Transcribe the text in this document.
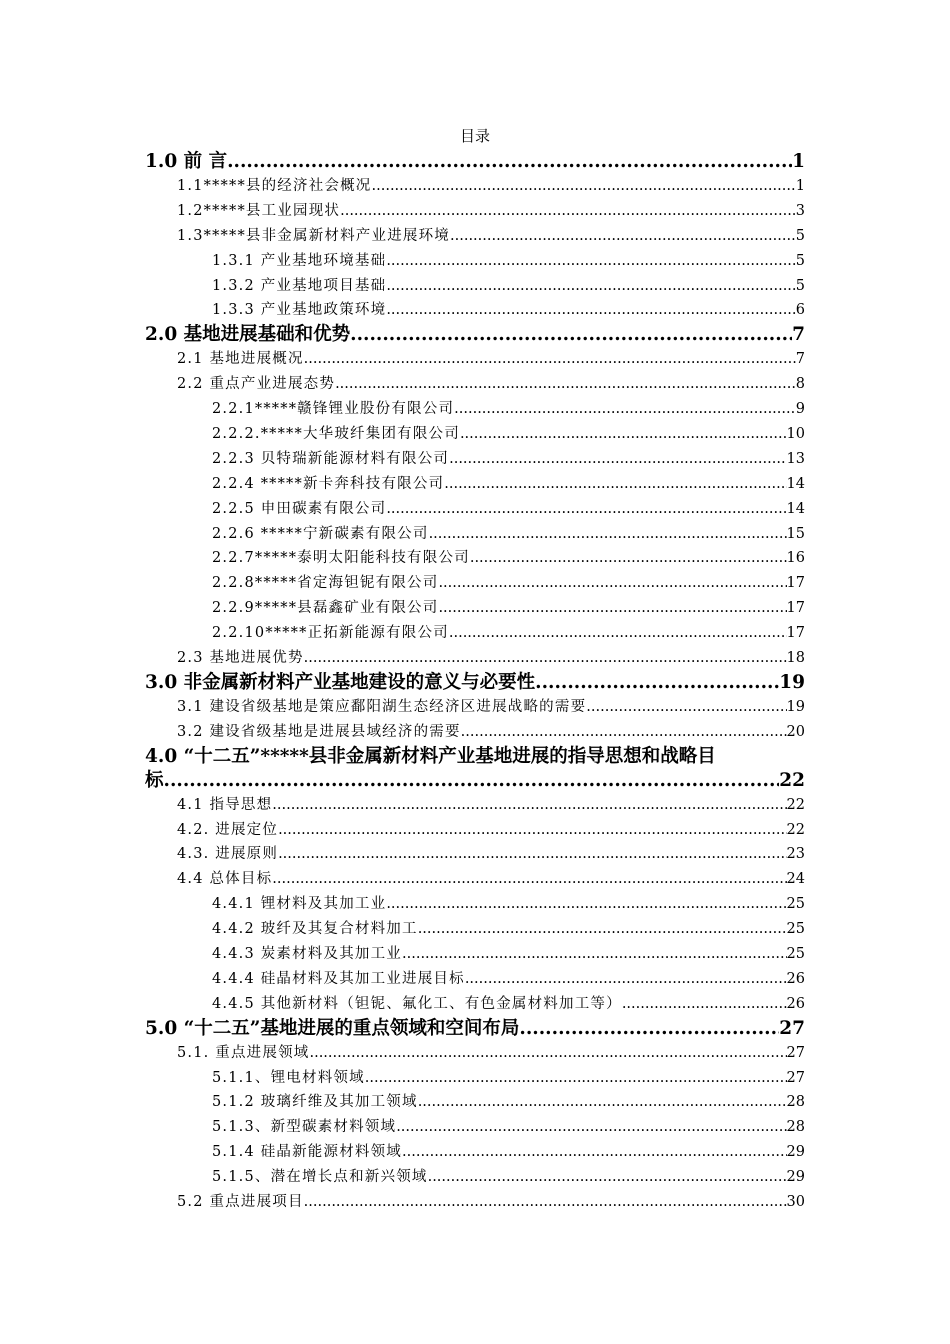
目录
1.0 前 言 .....	1
1.1*****县的经济社会概况 .....	1
1.2*****县工业园现状 .....	3
1.3*****县非金属新材料产业进展环境 .....	5
1.3.1 产业基地环境基础 .....	5
1.3.2 产业基地项目基础 .....	5
1.3.3 产业基地政策环境 .....	6
2.0 基地进展基础和优势 .....	7
2.1 基地进展概况 .....	7
2.2 重点产业进展态势 .....	8
2.2.1*****赣锋锂业股份有限公司 .....	9
2.2.2.*****大华玻纤集团有限公司 .....	10
2.2.3 贝特瑞新能源材料有限公司 .....	13
2.2.4 *****新卡奔科技有限公司 .....	14
2.2.5 申田碳素有限公司 .....	14
2.2.6 *****宁新碳素有限公司 .....	15
2.2.7*****泰明太阳能科技有限公司 .....	16
2.2.8*****省定海钽铌有限公司 .....	17
2.2.9*****县磊鑫矿业有限公司 .....	17
2.2.10*****正拓新能源有限公司 .....	17
2.3 基地进展优势 .....	18
3.0 非金属新材料产业基地建设的意义与必要性 .....	19
3.1 建设省级基地是策应鄱阳湖生态经济区进展战略的需要 .....	19
3.2 建设省级基地是进展县域经济的需要 .....	20
4.0 “十二五”*****县非金属新材料产业基地进展的指导思想和战略目
标 .....	22
4.1 指导思想 .....	22
4.2. 进展定位 .....	22
4.3. 进展原则 .....	23
4.4 总体目标 .....	24
4.4.1 锂材料及其加工业 .....	25
4.4.2 玻纤及其复合材料加工 .....	25
4.4.3 炭素材料及其加工业 .....	25
4.4.4 硅晶材料及其加工业进展目标 .....	26
4.4.5 其他新材料（钽铌、氟化工、有色金属材料加工等） .....	26
5.0 “十二五”基地进展的重点领域和空间布局 .....	27
5.1. 重点进展领域 .....	27
5.1.1、锂电材料领域 .....	27
5.1.2 玻璃纤维及其加工领域 .....	28
5.1.3、新型碳素材料领域 .....	28
5.1.4 硅晶新能源材料领域 .....	29
5.1.5、潜在增长点和新兴领域 .....	29
5.2 重点进展项目 .....	30
